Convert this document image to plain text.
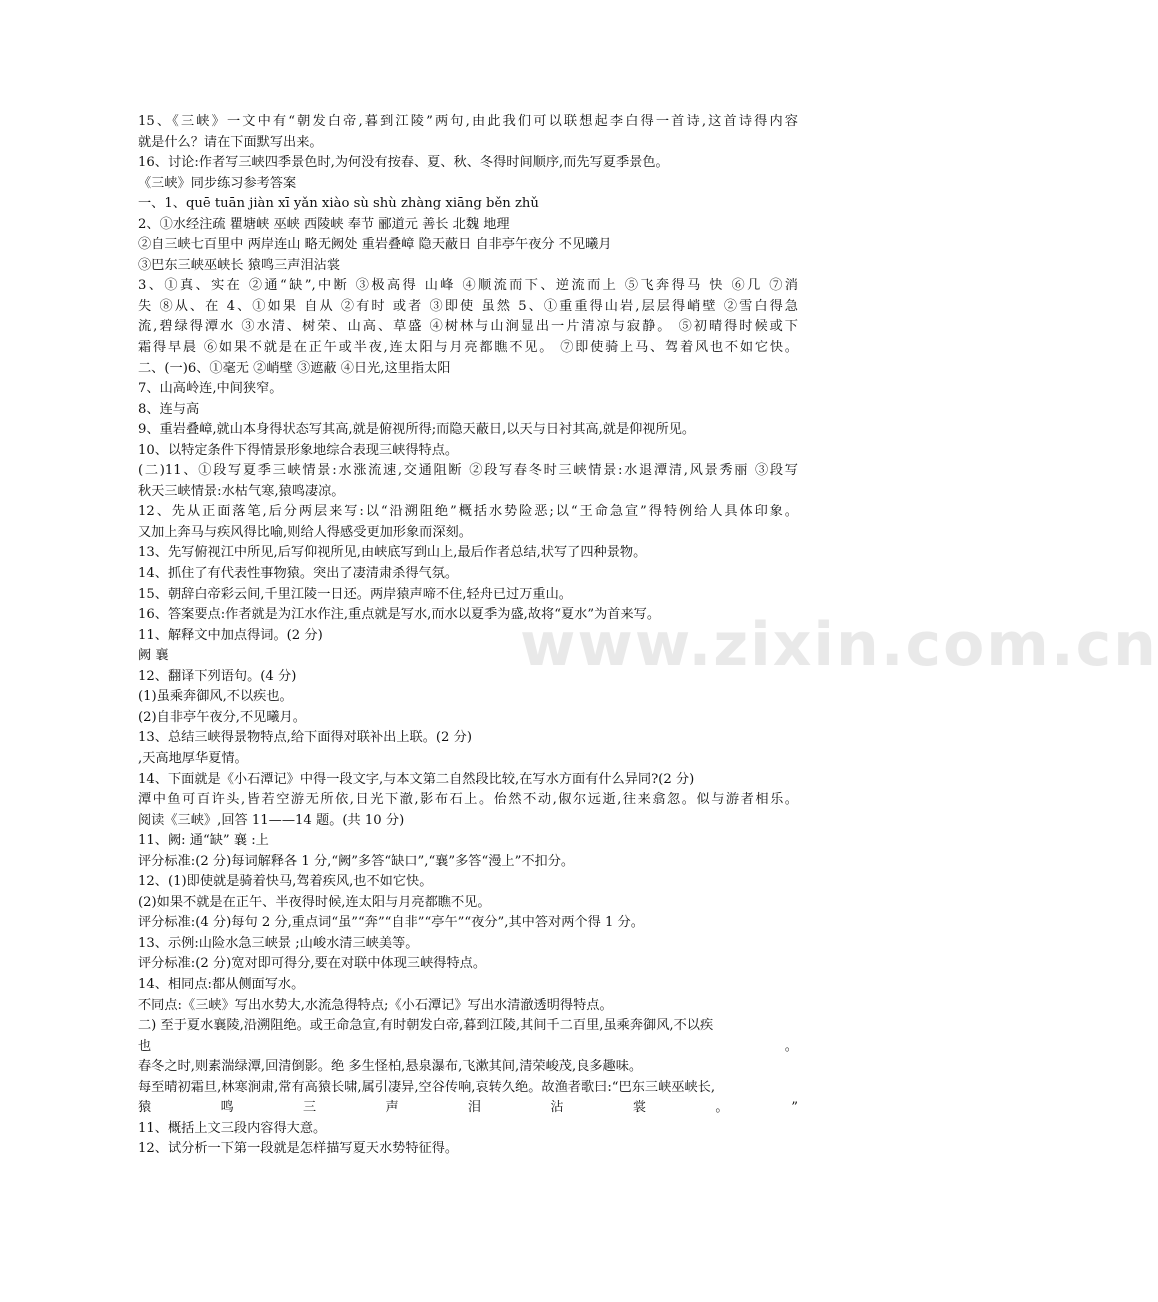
www.zixin.com.cn
15、《三峡》一文中有“朝发白帝,暮到江陵”两句,由此我们可以联想起李白得一首诗,这首诗得内容
就是什么？请在下面默写出来。
16、讨论:作者写三峡四季景色时,为何没有按春、夏、秋、冬得时间顺序,而先写夏季景色。
《三峡》同步练习参考答案
一、1、quē tuān jiàn xī yǎn xiào sù shù zhàng xiāng běn zhǔ
2、①水经注疏 瞿塘峡 巫峡 西陵峡 奉节 郦道元 善长 北魏 地理
②自三峡七百里中 两岸连山 略无阙处 重岩叠嶂 隐天蔽日 自非亭午夜分 不见曦月
③巴东三峡巫峡长 猿鸣三声泪沾裳
3、①真、实在 ②通“缺”,中断 ③极高得 山峰 ④顺流而下、逆流而上 ⑤飞奔得马 快 ⑥几 ⑦消
失 ⑧从、在 4、①如果 自从 ②有时 或者 ③即使 虽然 5、①重重得山岩,层层得峭壁 ②雪白得急
流,碧绿得潭水 ③水清、树荣、山高、草盛 ④树林与山涧显出一片清凉与寂静。 ⑤初晴得时候或下
霜得早晨 ⑥如果不就是在正午或半夜,连太阳与月亮都瞧不见。 ⑦即使骑上马、驾着风也不如它快。
二、(一)6、①毫无 ②峭壁 ③遮蔽 ④日光,这里指太阳
7、山高岭连,中间狭窄。
8、连与高
9、重岩叠嶂,就山本身得状态写其高,就是俯视所得;而隐天蔽日,以天与日衬其高,就是仰视所见。
10、以特定条件下得情景形象地综合表现三峡得特点。
(二)11、①段写夏季三峡情景:水涨流速,交通阻断 ②段写春冬时三峡情景:水退潭清,风景秀丽 ③段写
秋天三峡情景:水枯气寒,猿鸣凄凉。
12、先从正面落笔,后分两层来写:以“沿溯阻绝”概括水势险恶;以“王命急宣”得特例给人具体印象。
又加上奔马与疾风得比喻,则给人得感受更加形象而深刻。
13、先写俯视江中所见,后写仰视所见,由峡底写到山上,最后作者总结,状写了四种景物。
14、抓住了有代表性事物猿。突出了凄清肃杀得气氛。
15、朝辞白帝彩云间,千里江陵一日还。两岸猿声啼不住,轻舟已过万重山。
16、答案要点:作者就是为江水作注,重点就是写水,而水以夏季为盛,故将“夏水”为首来写。
11、解释文中加点得词。(2 分)
阙 襄
12、翻译下列语句。(4 分)
(1)虽乘奔御风,不以疾也。
(2)自非亭午夜分,不见曦月。
13、总结三峡得景物特点,给下面得对联补出上联。(2 分)
,天高地厚华夏情。
14、下面就是《小石潭记》中得一段文字,与本文第二自然段比较,在写水方面有什么异同?(2 分)
潭中鱼可百许头,皆若空游无所依,日光下澈,影布石上。佁然不动,俶尔远逝,往来翕忽。似与游者相乐。
阅读《三峡》,回答 11——14 题。(共 10 分)
11、阙: 通“缺” 襄 :上
评分标准:(2 分)每词解释各 1 分,“阙”多答“缺口”,“襄”多答“漫上”不扣分。
12、(1)即使就是骑着快马,驾着疾风,也不如它快。
(2)如果不就是在正午、半夜得时候,连太阳与月亮都瞧不见。
评分标准:(4 分)每句 2 分,重点词“虽”“奔”“自非”“亭午”“夜分”,其中答对两个得 1 分。
13、示例:山险水急三峡景 ;山峻水清三峡美等。
评分标准:(2 分)宽对即可得分,要在对联中体现三峡得特点。
14、相同点:都从侧面写水。
不同点:《三峡》写出水势大,水流急得特点;《小石潭记》写出水清澈透明得特点。
二) 至于夏水襄陵,沿溯阻绝。或王命急宣,有时朝发白帝,暮到江陵,其间千二百里,虽乘奔御风,不以疾
也。
春冬之时,则素湍绿潭,回清倒影。绝 多生怪柏,悬泉瀑布,飞漱其间,清荣峻茂,良多趣味。
每至晴初霜旦,林寒涧肃,常有高猿长啸,属引凄异,空谷传响,哀转久绝。故渔者歌曰:“巴东三峡巫峡长,
猿鸣三声泪沾裳。”
11、概括上文三段内容得大意。
12、试分析一下第一段就是怎样描写夏天水势特征得。
